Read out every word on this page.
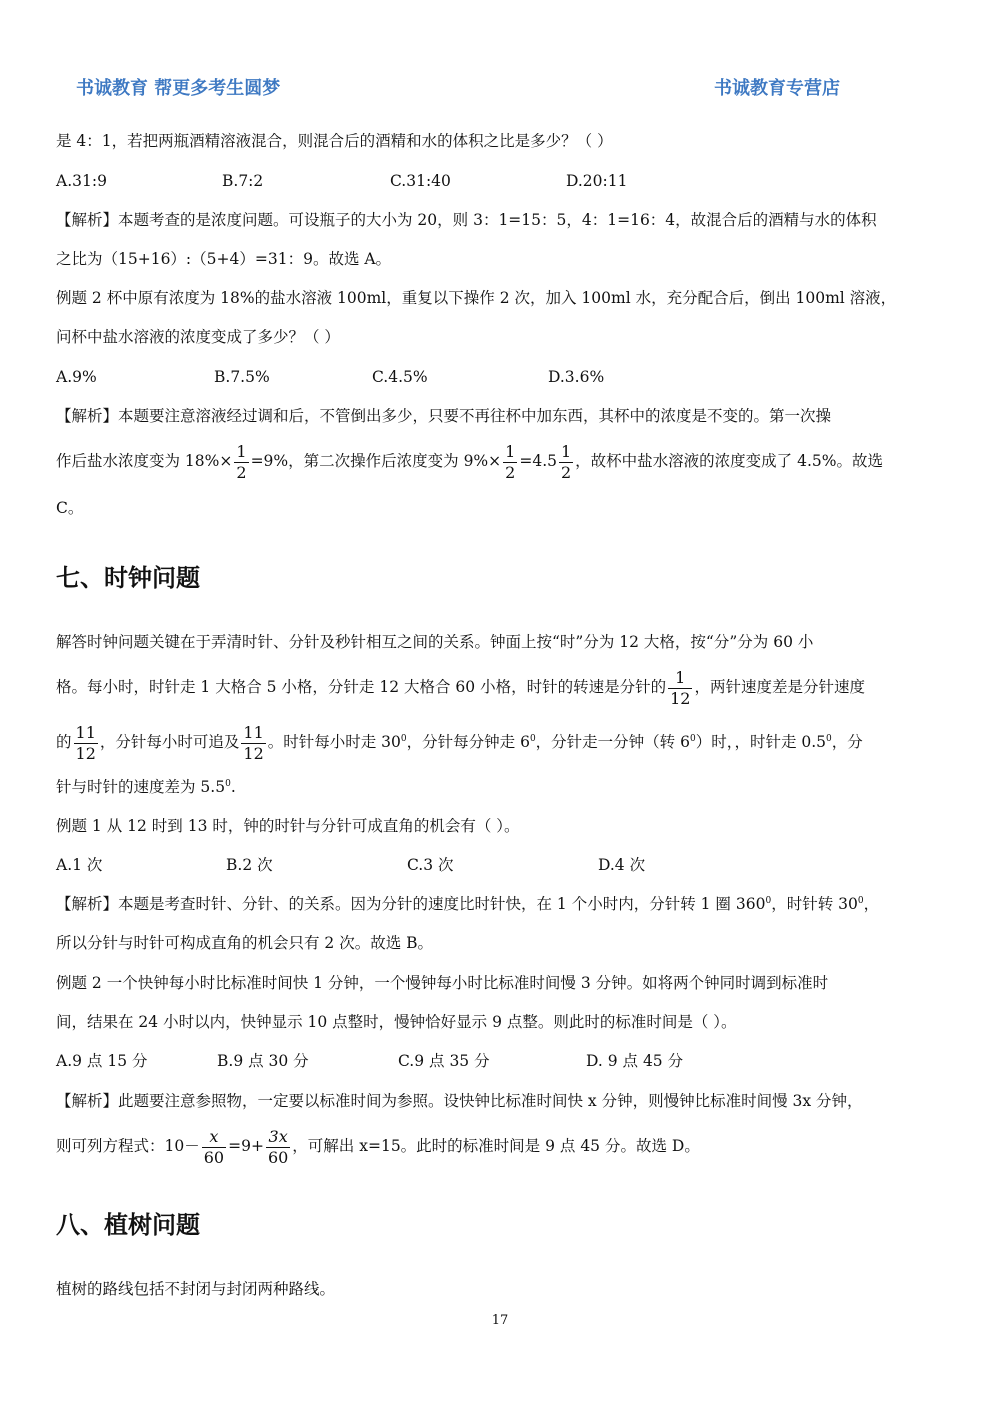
书诚教育 帮更多考生圆梦	书诚教育专营店
是 4：1，若把两瓶酒精溶液混合，则混合后的酒精和水的体积之比是多少？（ ）
A.31:9	B.7:2	C.31:40	D.20:11
【解析】本题考查的是浓度问题。可设瓶子的大小为 20，则 3：1=15：5，4：1=16：4，故混合后的酒精与水的体积
之比为（15+16）:（5+4）=31：9。故选 A。
例题 2 杯中原有浓度为 18%的盐水溶液 100ml，重复以下操作 2 次，加入 100ml 水，充分配合后，倒出 100ml 溶液，
问杯中盐水溶液的浓度变成了多少？（ ）
A.9%	B.7.5%	C.4.5%	D.3.6%
【解析】本题要注意溶液经过调和后，不管倒出多少，只要不再往杯中加东西，其杯中的浓度是不变的。第一次操
作后盐水浓度变为 $18\%\times \frac{1}{2} =9\%$，第二次操作后浓度变为 $9\%\times \frac{1}{2} =4.5 \frac{1}{2}$ ，故杯中盐水溶液的浓度变成了 4.5%。故选
C。
七、时钟问题
解答时钟问题关键在于弄清时针、分针及秒针相互之间的关系。钟面上按“时”分为 12 大格，按“分”分为 60 小
格。每小时，时针走 1 大格合 5 小格，分针走 12 大格合 60 小格，时针的转速是分针的 $\frac{1}{12}$ ，两针速度差是分针速度
的 $\frac{11}{12}$ ，分针每小时可追及 $\frac{11}{12}$ 。时针每小时走 $30^0$，分针每分钟走 $6^0$，分针走一分钟（转 $6^0$）时，，时针走 $0.5^0$，分
针与时针的速度差为 $5.5^0$.
例题 1 从 12 时到 13 时，钟的时针与分针可成直角的机会有（ ）。
A.1 次	B.2 次	C.3 次	D.4 次
【解析】本题是考查时针、分针、的关系。因为分针的速度比时针快，在 1 个小时内，分针转 1 圈 $360^0$，时针转 $30^0$，
所以分针与时针可构成直角的机会只有 2 次。故选 B。
例题 2 一个快钟每小时比标准时间快 1 分钟，一个慢钟每小时比标准时间慢 3 分钟。如将两个钟同时调到标准时
间，结果在 24 小时以内，快钟显示 10 点整时，慢钟恰好显示 9 点整。则此时的标准时间是（ ）。
A.9 点 15 分	B.9 点 30 分	C.9 点 35 分	D. 9 点 45 分
【解析】此题要注意参照物，一定要以标准时间为参照。设快钟比标准时间快 x 分钟，则慢钟比标准时间慢 3x 分钟，
则可列方程式：$10- \frac{x}{60} =9+ \frac{3x}{60}$ ，可解出 x=15。此时的标准时间是 9 点 45 分。故选 D。
八、植树问题
植树的路线包括不封闭与封闭两种路线。
17
